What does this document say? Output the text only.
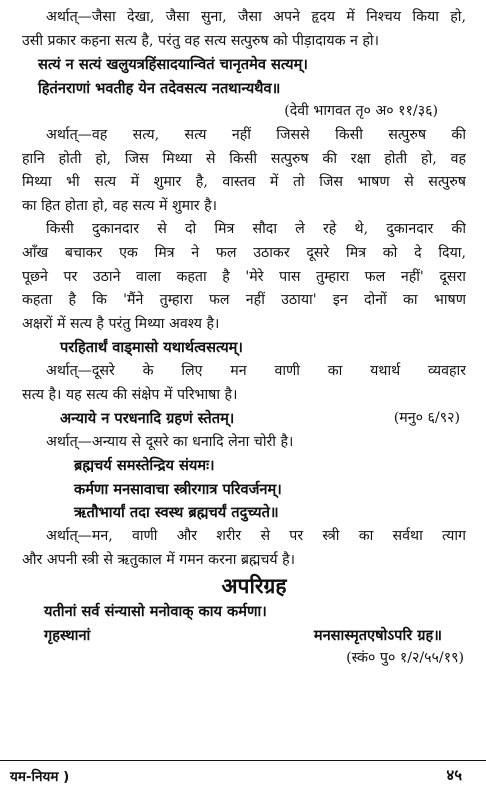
अर्थात्—जैसा देखा, जैसा सुना, जैसा अपने हृदय में निश्चय किया हो,
उसी प्रकार कहना सत्य है, परंतु वह सत्य सत्पुरुष को पीड़ादायक न हो।
सत्यं न सत्यं खलुयत्रहिंसादयान्वितं चानृतमेव सत्यम्।
हितंनराणां भवतीह येन तदेवसत्य नतथान्यथैव॥
(देवी भागवत तृ० अ० ११/३६)
अर्थात्—वह सत्य, सत्य नहीं जिससे किसी सत्पुरुष की
हानि होती हो, जिस मिथ्या से किसी सत्पुरुष की रक्षा होती हो, वह
मिथ्या भी सत्य में शुमार है, वास्तव में तो जिस भाषण से सत्पुरुष
का हित होता हो, वह सत्य में शुमार है।
किसी दुकानदार से दो मित्र सौदा ले रहे थे, दुकानदार की
आँख बचाकर एक मित्र ने फल उठाकर दूसरे मित्र को दे दिया,
पूछने पर उठाने वाला कहता है 'मेरे पास तुम्हारा फल नहीं' दूसरा
कहता है कि 'मैंने तुम्हारा फल नहीं उठाया' इन दोनों का भाषण
अक्षरों में सत्य है परंतु मिथ्या अवश्य है।
परहितार्थं वाड्मासो यथार्थत्वसत्यम्।
अर्थात्—दूसरे के लिए मन वाणी का यथार्थ व्यवहार
सत्य है। यह सत्य की संक्षेप में परिभाषा है।
अन्याये न परधनादि ग्रहणं स्तेतम्।	(मनु० ६/९२)
अर्थात्—अन्याय से दूसरे का धनादि लेना चोरी है।
ब्रह्मचर्य समस्तेन्द्रिय संयमः।
कर्मणा मनसावाचा स्त्रीरगात्र परिवर्जनम्।
ऋतौभार्यां तदा स्वस्थ ब्रह्मचर्यं तदुच्यते॥
अर्थात्—मन, वाणी और शरीर से पर स्त्री का सर्वथा त्याग
और अपनी स्त्री से ऋतुकाल में गमन करना ब्रह्मचर्य है।
अपरिग्रह
यतीनां सर्व संन्यासो मनोवाक् काय कर्मणा।
गृहस्थानां	मनसास्मृतएषोऽपरि ग्रह॥
(स्कं० पु० १/२/५५/१९)
यम-नियम )	४५
